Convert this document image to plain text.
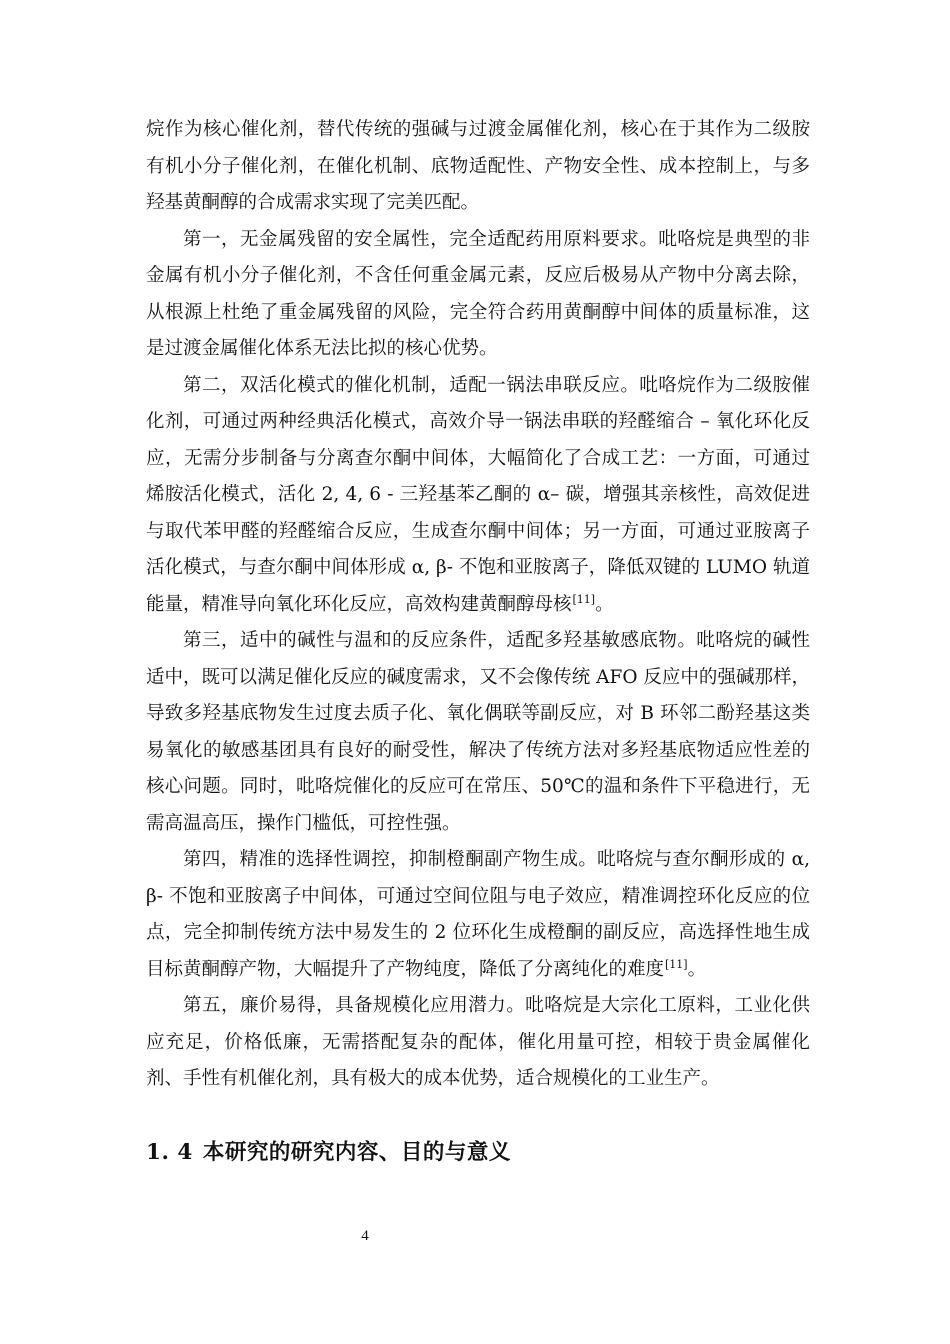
烷作为核心催化剂，替代传统的强碱与过渡金属催化剂，核心在于其作为二级胺有机小分子催化剂，在催化机制、底物适配性、产物安全性、成本控制上，与多羟基黄酮醇的合成需求实现了完美匹配。

第一，无金属残留的安全属性，完全适配药用原料要求。吡咯烷是典型的非金属有机小分子催化剂，不含任何重金属元素，反应后极易从产物中分离去除，从根源上杜绝了重金属残留的风险，完全符合药用黄酮醇中间体的质量标准，这是过渡金属催化体系无法比拟的核心优势。

第二，双活化模式的催化机制，适配一锅法串联反应。吡咯烷作为二级胺催化剂，可通过两种经典活化模式，高效介导一锅法串联的羟醛缩合 – 氧化环化反应，无需分步制备与分离查尔酮中间体，大幅简化了合成工艺：一方面，可通过烯胺活化模式，活化 2, 4, 6 - 三羟基苯乙酮的 α– 碳，增强其亲核性，高效促进与取代苯甲醛的羟醛缩合反应，生成查尔酮中间体；另一方面，可通过亚胺离子活化模式，与查尔酮中间体形成 α, β- 不饱和亚胺离子，降低双键的 LUMO 轨道能量，精准导向氧化环化反应，高效构建黄酮醇母核[11]。

第三，适中的碱性与温和的反应条件，适配多羟基敏感底物。吡咯烷的碱性适中，既可以满足催化反应的碱度需求，又不会像传统 AFO 反应中的强碱那样，导致多羟基底物发生过度去质子化、氧化偶联等副反应，对 B 环邻二酚羟基这类易氧化的敏感基团具有良好的耐受性，解决了传统方法对多羟基底物适应性差的核心问题。同时，吡咯烷催化的反应可在常压、50℃的温和条件下平稳进行，无需高温高压，操作门槛低，可控性强。

第四，精准的选择性调控，抑制橙酮副产物生成。吡咯烷与查尔酮形成的 α, β- 不饱和亚胺离子中间体，可通过空间位阻与电子效应，精准调控环化反应的位点，完全抑制传统方法中易发生的 2 位环化生成橙酮的副反应，高选择性地生成目标黄酮醇产物，大幅提升了产物纯度，降低了分离纯化的难度[11]。

第五，廉价易得，具备规模化应用潜力。吡咯烷是大宗化工原料，工业化供应充足，价格低廉，无需搭配复杂的配体，催化用量可控，相较于贵金属催化剂、手性有机催化剂，具有极大的成本优势，适合规模化的工业生产。

1. 4 本研究的研究内容、目的与意义
4
